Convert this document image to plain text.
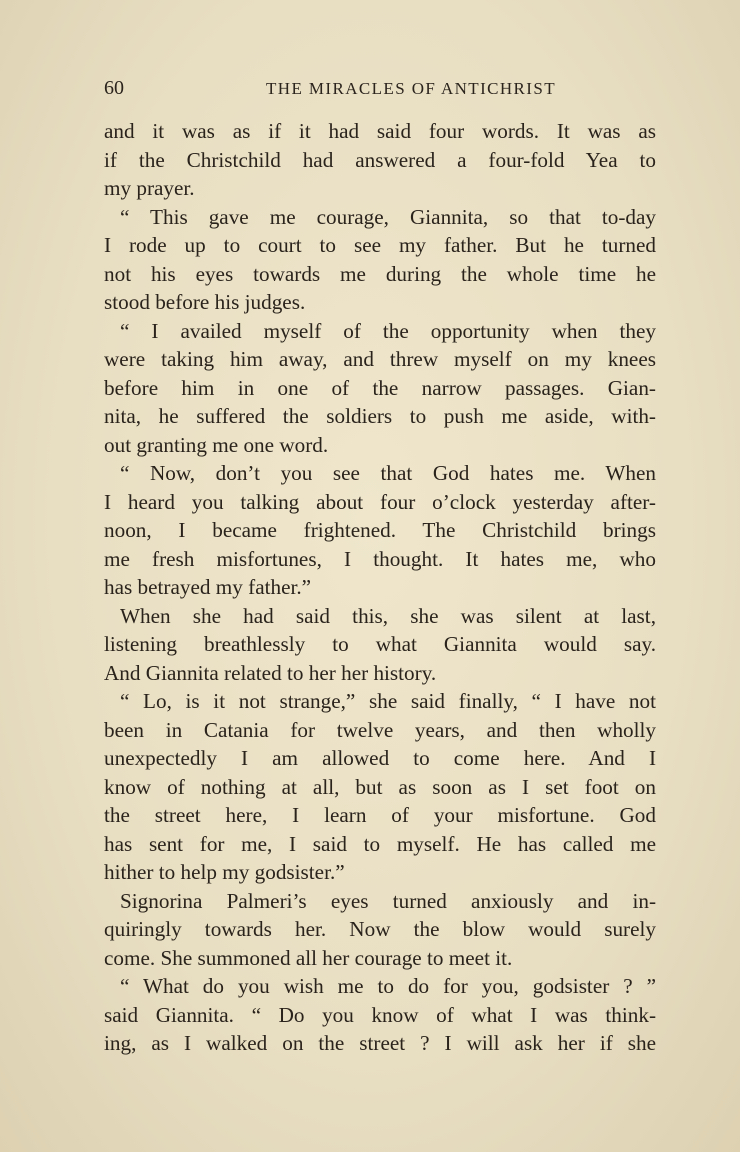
60	THE MIRACLES OF ANTICHRIST
and it was as if it had said four words. It was as
if the Christchild had answered a four-fold Yea to
my prayer.
“ This gave me courage, Giannita, so that to-day
I rode up to court to see my father. But he turned
not his eyes towards me during the whole time he
stood before his judges.
“ I availed myself of the opportunity when they
were taking him away, and threw myself on my knees
before him in one of the narrow passages. Gian-
nita, he suffered the soldiers to push me aside, with-
out granting me one word.
“ Now, don’t you see that God hates me. When
I heard you talking about four o’clock yesterday after-
noon, I became frightened. The Christchild brings
me fresh misfortunes, I thought. It hates me, who
has betrayed my father.”
When she had said this, she was silent at last,
listening breathlessly to what Giannita would say.
And Giannita related to her her history.
“ Lo, is it not strange,” she said finally, “ I have not
been in Catania for twelve years, and then wholly
unexpectedly I am allowed to come here. And I
know of nothing at all, but as soon as I set foot on
the street here, I learn of your misfortune. God
has sent for me, I said to myself. He has called me
hither to help my godsister.”
Signorina Palmeri’s eyes turned anxiously and in-
quiringly towards her. Now the blow would surely
come. She summoned all her courage to meet it.
“ What do you wish me to do for you, godsister ? ”
said Giannita. “ Do you know of what I was think-
ing, as I walked on the street ? I will ask her if she
